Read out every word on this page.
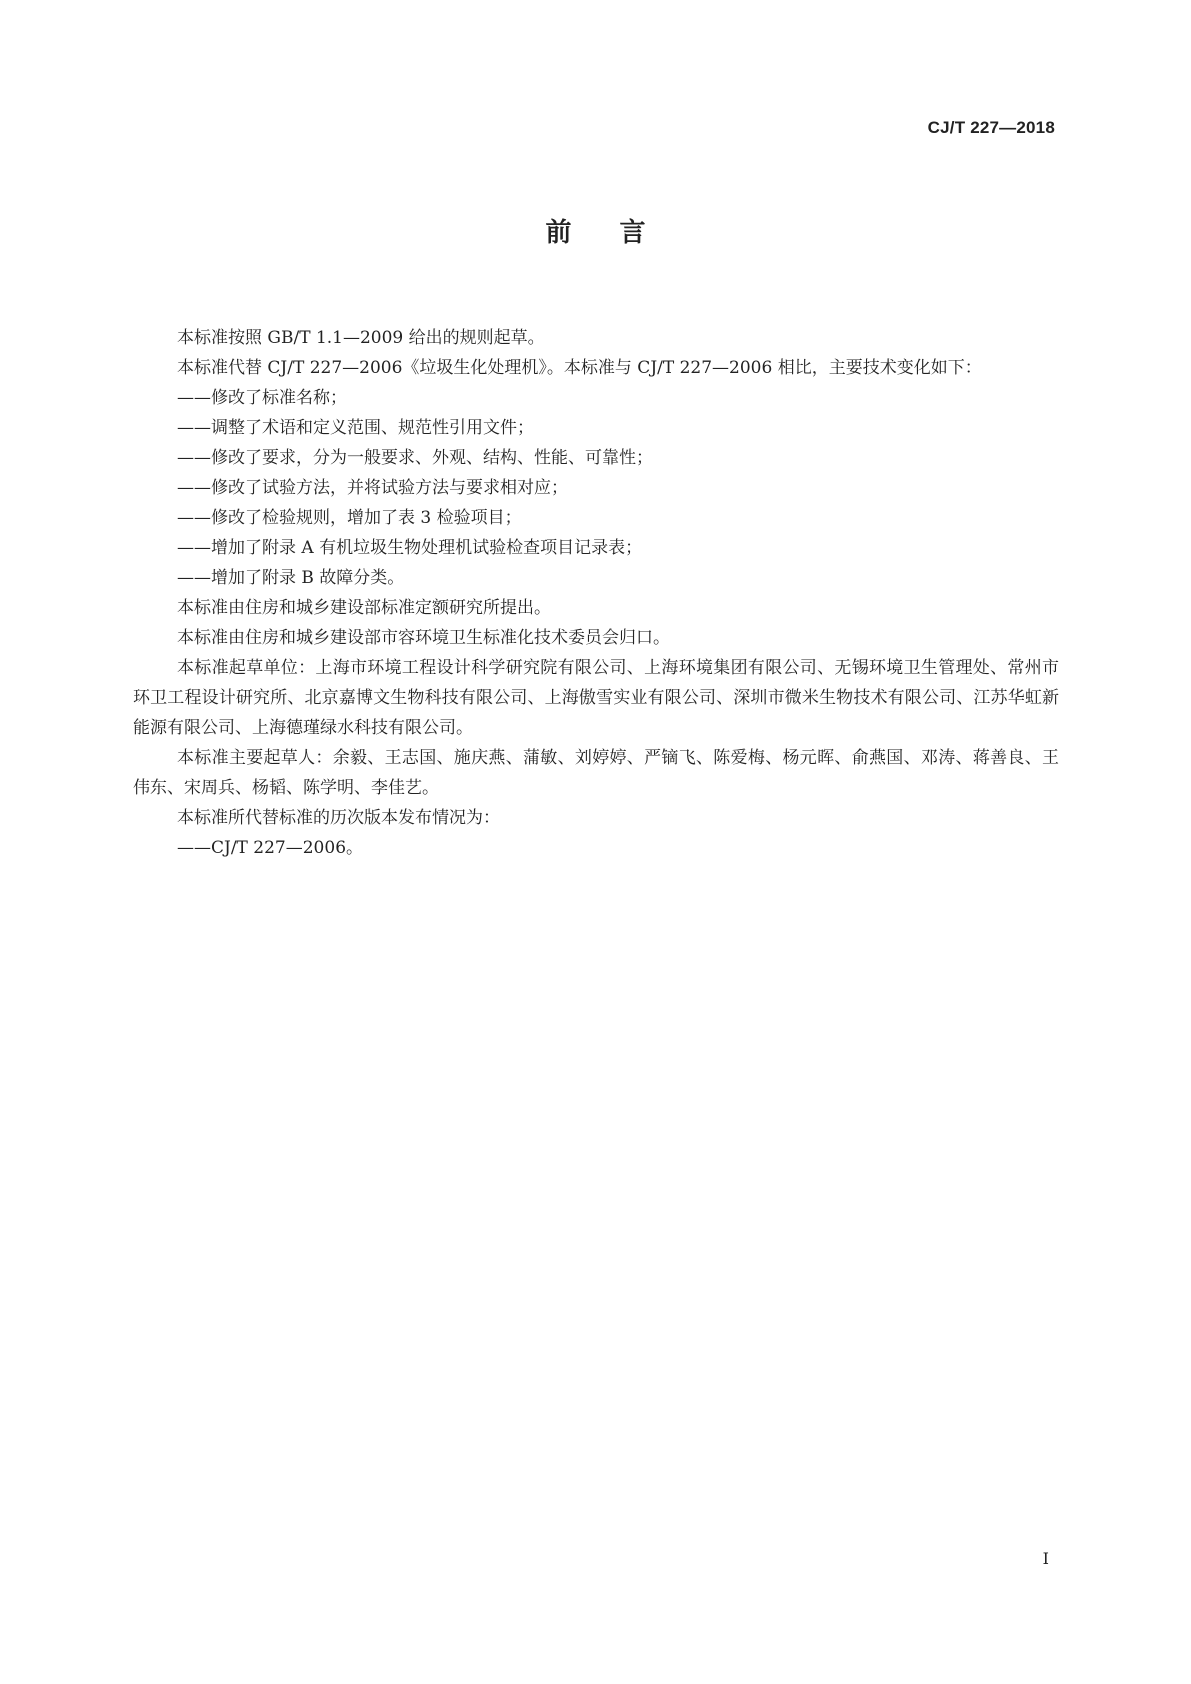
CJ/T 227—2018
前言

本标准按照 GB/T 1.1—2009 给出的规则起草。

本标准代替 CJ/T 227—2006《垃圾生化处理机》。本标准与 CJ/T 227—2006 相比，主要技术变化如下：

——修改了标准名称；

——调整了术语和定义范围、规范性引用文件；

——修改了要求，分为一般要求、外观、结构、性能、可靠性；

——修改了试验方法，并将试验方法与要求相对应；

——修改了检验规则，增加了表 3 检验项目；

——增加了附录 A 有机垃圾生物处理机试验检查项目记录表；

——增加了附录 B 故障分类。

本标准由住房和城乡建设部标准定额研究所提出。

本标准由住房和城乡建设部市容环境卫生标准化技术委员会归口。

本标准起草单位：上海市环境工程设计科学研究院有限公司、上海环境集团有限公司、无锡环境卫生管理处、常州市环卫工程设计研究所、北京嘉博文生物科技有限公司、上海傲雪实业有限公司、深圳市微米生物技术有限公司、江苏华虹新能源有限公司、上海德瑾绿水科技有限公司。

本标准主要起草人：余毅、王志国、施庆燕、蒲敏、刘婷婷、严镝飞、陈爱梅、杨元晖、俞燕国、邓涛、蒋善良、王伟东、宋周兵、杨韬、陈学明、李佳艺。

本标准所代替标准的历次版本发布情况为：

——CJ/T 227—2006。

I
